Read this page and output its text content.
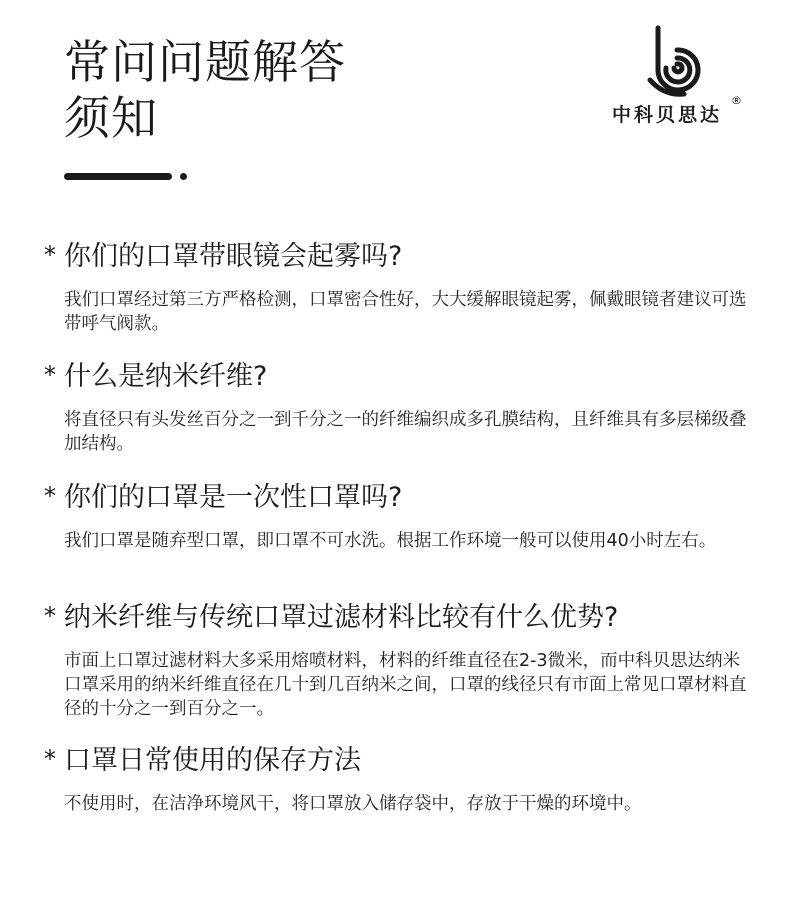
常问问题解答
须知	中科贝思达
®
* 你们的口罩带眼镜会起雾吗?
我们口罩经过第三方严格检测，口罩密合性好，大大缓解眼镜起雾，佩戴眼镜者建议可选带呼气阀款。
* 什么是纳米纤维?
将直径只有头发丝百分之一到千分之一的纤维编织成多孔膜结构，且纤维具有多层梯级叠加结构。
* 你们的口罩是一次性口罩吗?
我们口罩是随弃型口罩，即口罩不可水洗。根据工作环境一般可以使用40小时左右。
* 纳米纤维与传统口罩过滤材料比较有什么优势?
市面上口罩过滤材料大多采用熔喷材料，材料的纤维直径在2-3微米，而中科贝思达纳米口罩采用的纳米纤维直径在几十到几百纳米之间，口罩的线径只有市面上常见口罩材料直径的十分之一到百分之一。
* 口罩日常使用的保存方法
不使用时，在洁净环境风干，将口罩放入储存袋中，存放于干燥的环境中。
